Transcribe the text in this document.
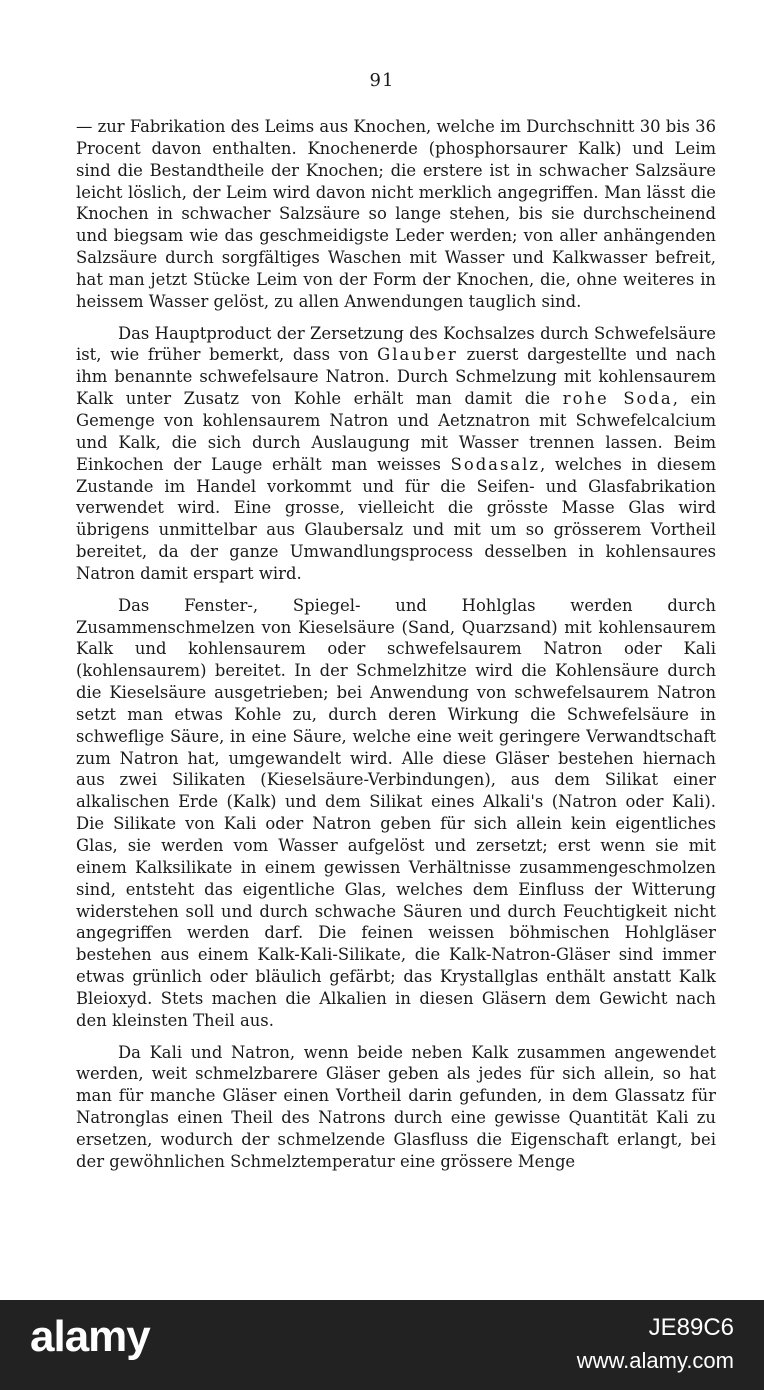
91

— zur Fabrikation des Leims aus Knochen, welche im Durchschnitt 30 bis 36 Procent davon enthalten. Knochenerde (phosphorsaurer Kalk) und Leim sind die Bestandtheile der Knochen; die erstere ist in schwacher Salzsäure leicht löslich, der Leim wird davon nicht merklich angegriffen. Man lässt die Knochen in schwacher Salzsäure so lange stehen, bis sie durchscheinend und biegsam wie das geschmeidigste Leder werden; von aller anhängenden Salzsäure durch sorgfältiges Waschen mit Wasser und Kalkwasser befreit, hat man jetzt Stücke Leim von der Form der Knochen, die, ohne weiteres in heissem Wasser gelöst, zu allen Anwendungen tauglich sind.

Das Hauptproduct der Zersetzung des Kochsalzes durch Schwefelsäure ist, wie früher bemerkt, dass von Glauber zuerst dargestellte und nach ihm benannte schwefelsaure Natron. Durch Schmelzung mit kohlensaurem Kalk unter Zusatz von Kohle erhält man damit die rohe Soda, ein Gemenge von kohlensaurem Natron und Aetznatron mit Schwefelcalcium und Kalk, die sich durch Auslaugung mit Wasser trennen lassen. Beim Einkochen der Lauge erhält man weisses Sodasalz, welches in diesem Zustande im Handel vorkommt und für die Seifen- und Glasfabrikation verwendet wird. Eine grosse, vielleicht die grösste Masse Glas wird übrigens unmittelbar aus Glaubersalz und mit um so grösserem Vortheil bereitet, da der ganze Umwandlungsprocess desselben in kohlensaures Natron damit erspart wird.

Das Fenster-, Spiegel- und Hohlglas werden durch Zusammenschmelzen von Kieselsäure (Sand, Quarzsand) mit kohlensaurem Kalk und kohlensaurem oder schwefelsaurem Natron oder Kali (kohlensaurem) bereitet. In der Schmelzhitze wird die Kohlensäure durch die Kieselsäure ausgetrieben; bei Anwendung von schwefelsaurem Natron setzt man etwas Kohle zu, durch deren Wirkung die Schwefelsäure in schweflige Säure, in eine Säure, welche eine weit geringere Verwandtschaft zum Natron hat, umgewandelt wird. Alle diese Gläser bestehen hiernach aus zwei Silikaten (Kieselsäure-Verbindungen), aus dem Silikat einer alkalischen Erde (Kalk) und dem Silikat eines Alkali's (Natron oder Kali). Die Silikate von Kali oder Natron geben für sich allein kein eigentliches Glas, sie werden vom Wasser aufgelöst und zersetzt; erst wenn sie mit einem Kalksilikate in einem gewissen Verhältnisse zusammengeschmolzen sind, entsteht das eigentliche Glas, welches dem Einfluss der Witterung widerstehen soll und durch schwache Säuren und durch Feuchtigkeit nicht angegriffen werden darf. Die feinen weissen böhmischen Hohlgläser bestehen aus einem Kalk-Kali-Silikate, die Kalk-Natron-Gläser sind immer etwas grünlich oder bläulich gefärbt; das Krystallglas enthält anstatt Kalk Bleioxyd. Stets machen die Alkalien in diesen Gläsern dem Gewicht nach den kleinsten Theil aus.

Da Kali und Natron, wenn beide neben Kalk zusammen angewendet werden, weit schmelzbarere Gläser geben als jedes für sich allein, so hat man für manche Gläser einen Vortheil darin gefunden, in dem Glassatz für Natronglas einen Theil des Natrons durch eine gewisse Quantität Kali zu ersetzen, wodurch der schmelzende Glasfluss die Eigenschaft erlangt, bei der gewöhnlichen Schmelztemperatur eine grössere Menge

alamy	JE89C6
www.alamy.com
